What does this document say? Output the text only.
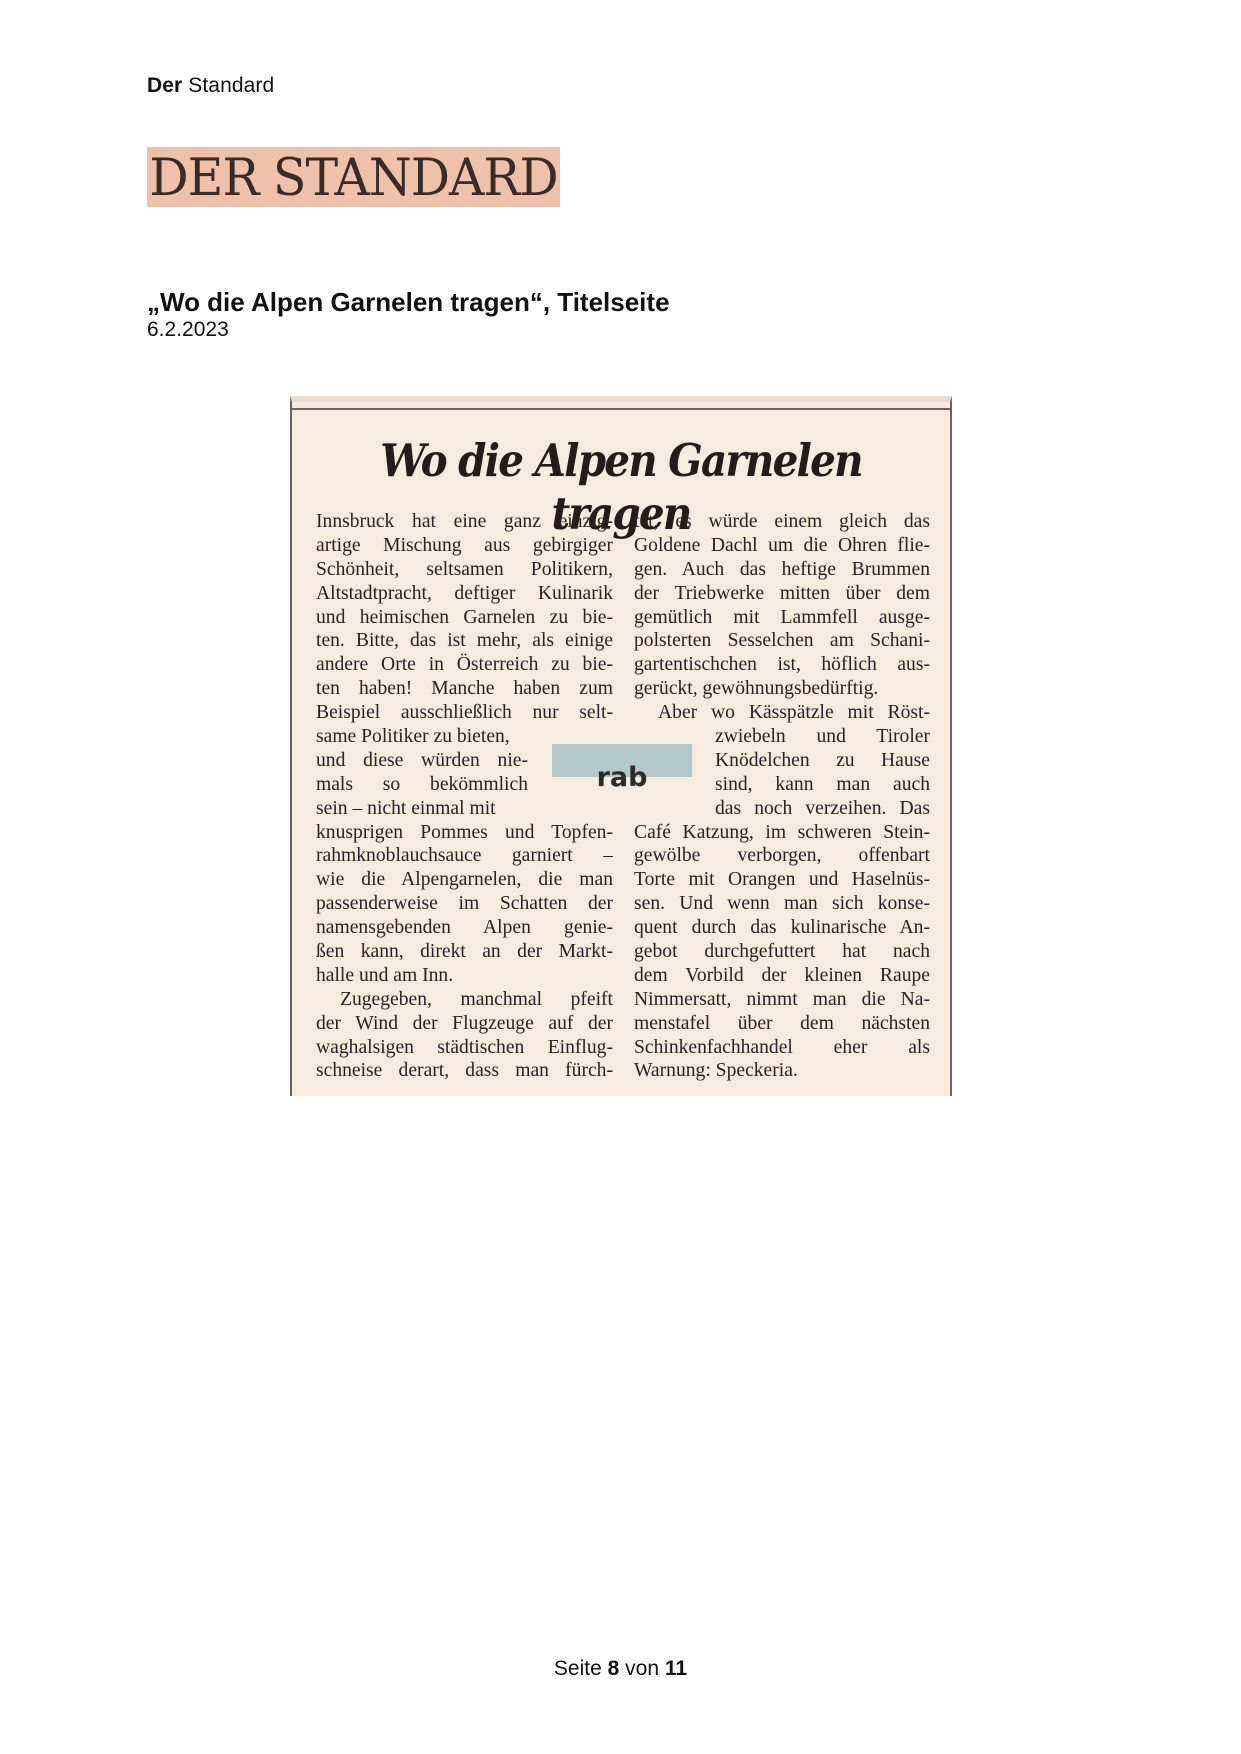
Der Standard
DER STANDARD
„Wo die Alpen Garnelen tragen“, Titelseite
6.2.2023
Wo die Alpen Garnelen tragen
Innsbruck hat eine ganz einzig-
artige Mischung aus gebirgiger
Schönheit, seltsamen Politikern,
Altstadtpracht, deftiger Kulinarik
und heimischen Garnelen zu bie-
ten. Bitte, das ist mehr, als einige
andere Orte in Österreich zu bie-
ten haben! Manche haben zum
Beispiel ausschließlich nur selt-
same Politiker zu bieten,
und diese würden nie-
mals so bekömmlich
sein – nicht einmal mit
knusprigen Pommes und Topfen-
rahmknoblauchsauce garniert –
wie die Alpengarnelen, die man
passenderweise im Schatten der
namensgebenden Alpen genie-
ßen kann, direkt an der Markt-
halle und am Inn.
Zugegeben, manchmal pfeift
der Wind der Flugzeuge auf der
waghalsigen städtischen Einflug-
schneise derart, dass man fürch-
rab
tet, es würde einem gleich das
Goldene Dachl um die Ohren flie-
gen. Auch das heftige Brummen
der Triebwerke mitten über dem
gemütlich mit Lammfell ausge-
polsterten Sesselchen am Schani-
gartentischchen ist, höflich aus-
gerückt, gewöhnungsbedürftig.
Aber wo Kässpätzle mit Röst-
zwiebeln und Tiroler
Knödelchen zu Hause
sind, kann man auch
das noch verzeihen. Das
Café Katzung, im schweren Stein-
gewölbe verborgen, offenbart
Torte mit Orangen und Haselnüs-
sen. Und wenn man sich konse-
quent durch das kulinarische An-
gebot durchgefuttert hat nach
dem Vorbild der kleinen Raupe
Nimmersatt, nimmt man die Na-
menstafel über dem nächsten
Schinkenfachhandel eher als
Warnung: Speckeria.
Seite 8 von 11
